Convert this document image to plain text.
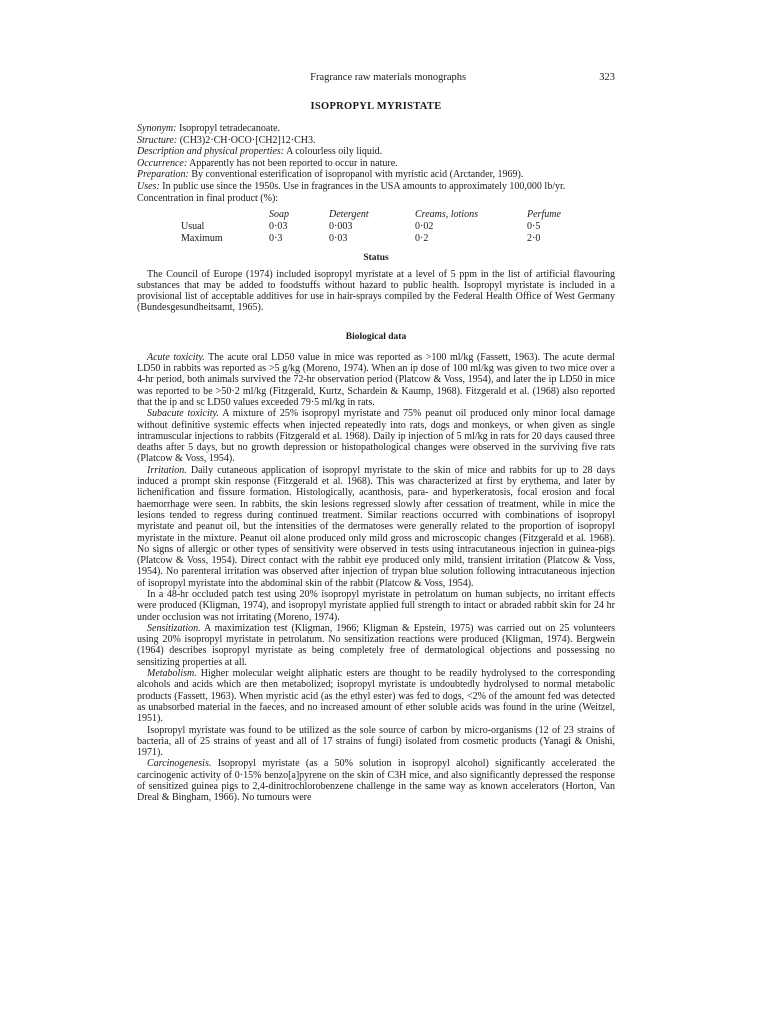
Fragrance raw materials monographs	323
ISOPROPYL MYRISTATE

Synonym: Isopropyl tetradecanoate.

Structure: (CH3)2·CH·OCO·[CH2]12·CH3.

Description and physical properties: A colourless oily liquid.

Occurrence: Apparently has not been reported to occur in nature.

Preparation: By conventional esterification of isopropanol with myristic acid (Arctander, 1969).

Uses: In public use since the 1950s. Use in fragrances in the USA amounts to approximately 100,000 lb/yr.

Concentration in final product (%):

	Soap	Detergent	Creams, lotions	Perfume
Usual	0·03	0·003	0·02	0·5
Maximum	0·3	0·03	0·2	2·0
Status

The Council of Europe (1974) included isopropyl myristate at a level of 5 ppm in the list of artificial flavouring substances that may be added to foodstuffs without hazard to public health. Isopropyl myristate is included in a provisional list of acceptable additives for use in hair-sprays compiled by the Federal Health Office of West Germany (Bundesgesundheitsamt, 1965).

Biological data

Acute toxicity. The acute oral LD50 value in mice was reported as >100 ml/kg (Fassett, 1963). The acute dermal LD50 in rabbits was reported as >5 g/kg (Moreno, 1974). When an ip dose of 100 ml/kg was given to two mice over a 4-hr period, both animals survived the 72-hr observation period (Platcow & Voss, 1954), and later the ip LD50 in mice was reported to be >50·2 ml/kg (Fitzgerald, Kurtz, Schardein & Kaump, 1968). Fitzgerald et al. (1968) also reported that the ip and sc LD50 values exceeded 79·5 ml/kg in rats.

Subacute toxicity. A mixture of 25% isopropyl myristate and 75% peanut oil produced only minor local damage without definitive systemic effects when injected repeatedly into rats, dogs and monkeys, or when given as single intramuscular injections to rabbits (Fitzgerald et al. 1968). Daily ip injection of 5 ml/kg in rats for 20 days caused three deaths after 5 days, but no growth depression or histopathological changes were observed in the surviving five rats (Platcow & Voss, 1954).

Irritation. Daily cutaneous application of isopropyl myristate to the skin of mice and rabbits for up to 28 days induced a prompt skin response (Fitzgerald et al. 1968). This was characterized at first by erythema, and later by lichenification and fissure formation. Histologically, acanthosis, para- and hyperkeratosis, focal erosion and focal haemorrhage were seen. In rabbits, the skin lesions regressed slowly after cessation of treatment, while in mice the lesions tended to regress during continued treatment. Similar reactions occurred with combinations of isopropyl myristate and peanut oil, but the intensities of the dermatoses were generally related to the proportion of isopropyl myristate in the mixture. Peanut oil alone produced only mild gross and microscopic changes (Fitzgerald et al. 1968). No signs of allergic or other types of sensitivity were observed in tests using intracutaneous injection in guinea-pigs (Platcow & Voss, 1954). Direct contact with the rabbit eye produced only mild, transient irritation (Platcow & Voss, 1954). No parenteral irritation was observed after injection of trypan blue solution following intracutaneous injection of isopropyl myristate into the abdominal skin of the rabbit (Platcow & Voss, 1954).

In a 48-hr occluded patch test using 20% isopropyl myristate in petrolatum on human subjects, no irritant effects were produced (Kligman, 1974), and isopropyl myristate applied full strength to intact or abraded rabbit skin for 24 hr under occlusion was not irritating (Moreno, 1974).

Sensitization. A maximization test (Kligman, 1966; Kligman & Epstein, 1975) was carried out on 25 volunteers using 20% isopropyl myristate in petrolatum. No sensitization reactions were produced (Kligman, 1974). Bergwein (1964) describes isopropyl myristate as being completely free of dermatological objections and possessing no sensitizing properties at all.

Metabolism. Higher molecular weight aliphatic esters are thought to be readily hydrolysed to the corresponding alcohols and acids which are then metabolized; isopropyl myristate is undoubtedly hydrolysed to normal metabolic products (Fassett, 1963). When myristic acid (as the ethyl ester) was fed to dogs, <2% of the amount fed was detected as unabsorbed material in the faeces, and no increased amount of ether soluble acids was found in the urine (Weitzel, 1951).

Isopropyl myristate was found to be utilized as the sole source of carbon by micro-organisms (12 of 23 strains of bacteria, all of 25 strains of yeast and all of 17 strains of fungi) isolated from cosmetic products (Yanagi & Onishi, 1971).

Carcinogenesis. Isopropyl myristate (as a 50% solution in isopropyl alcohol) significantly accelerated the carcinogenic activity of 0·15% benzo[a]pyrene on the skin of C3H mice, and also significantly depressed the response of sensitized guinea pigs to 2,4-dinitrochlorobenzene challenge in the same way as known accelerators (Horton, Van Dreal & Bingham, 1966). No tumours were
